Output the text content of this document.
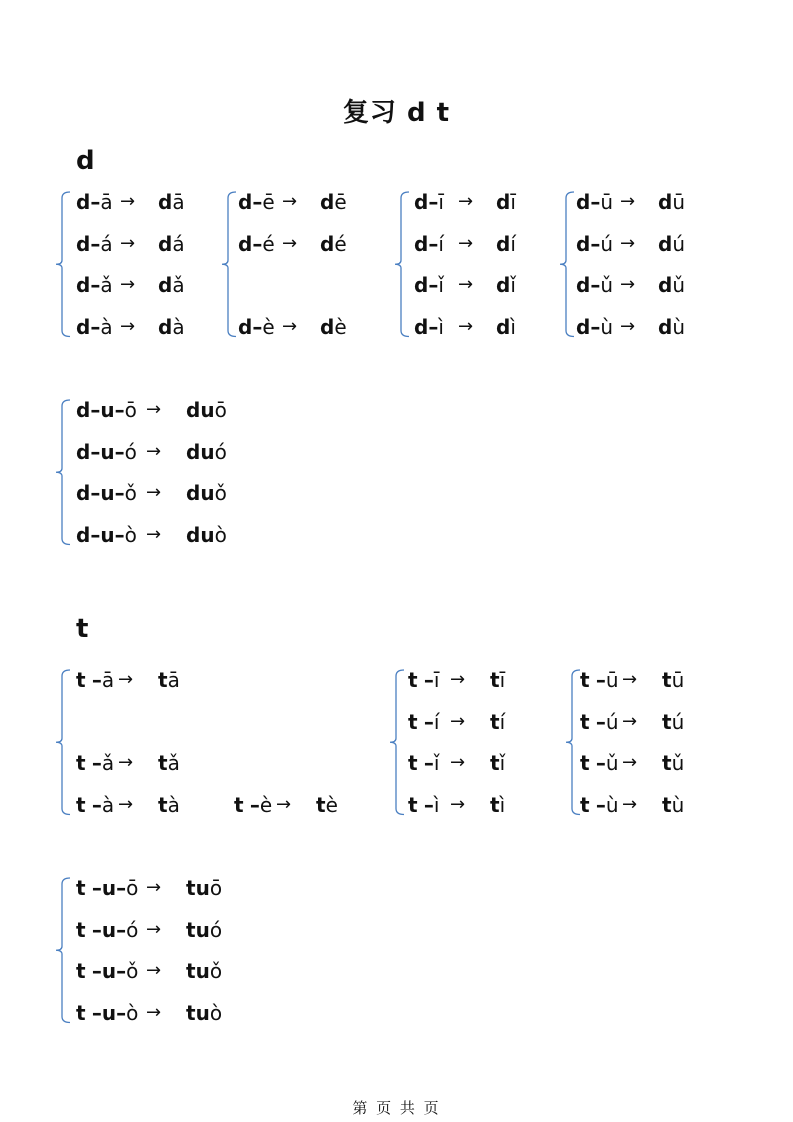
复习 d t
d
t
d–ā → dā
d–á → dá
d–ǎ → dǎ
d–à → dà
d–ē → dē
d–é → dé
d–è → dè
d–ī → dī
d–í → dí
d–ǐ → dǐ
d–ì → dì
d–ū → dū
d–ú → dú
d–ǔ → dǔ
d–ù → dù
d–u–ō → duō
d–u–ó → duó
d–u–ǒ → duǒ
d–u–ò → duò
t –ā → tā
t –ǎ → tǎ
t –à → tà	t –è → tè
t –ī → tī
t –í → tí
t –ǐ → tǐ
t –ì → tì
t –ū → tū
t –ú → tú
t –ǔ → tǔ
t –ù → tù
t –u–ō → tuō
t –u–ó → tuó
t –u–ǒ → tuǒ
t –u–ò → tuò
第 页 共 页
